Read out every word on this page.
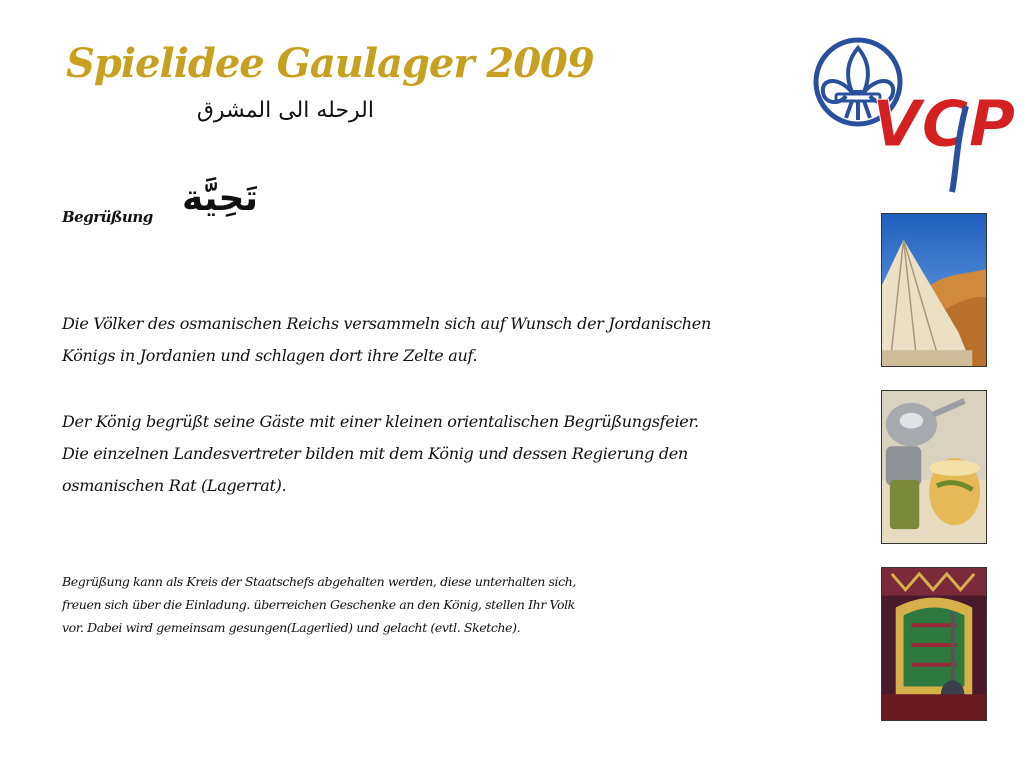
Spielidee Gaulager 2009
الرحله الى المشرق
Begrüßung تَحِيَّة

Die Völker des osmanischen Reichs versammeln sich auf Wunsch der Jordanischen
Königs in Jordanien und schlagen dort ihre Zelte auf.

Der König begrüßt seine Gäste mit einer kleinen orientalischen Begrüßungsfeier.
Die einzelnen Landesvertreter bilden mit dem König und dessen Regierung den
osmanischen Rat (Lagerrat).

Begrüßung kann als Kreis der Staatschefs abgehalten werden, diese unterhalten sich,
freuen sich über die Einladung. überreichen Geschenke an den König, stellen Ihr Volk
vor. Dabei wird gemeinsam gesungen(Lagerlied) und gelacht (evtl. Sketche).

VCP
